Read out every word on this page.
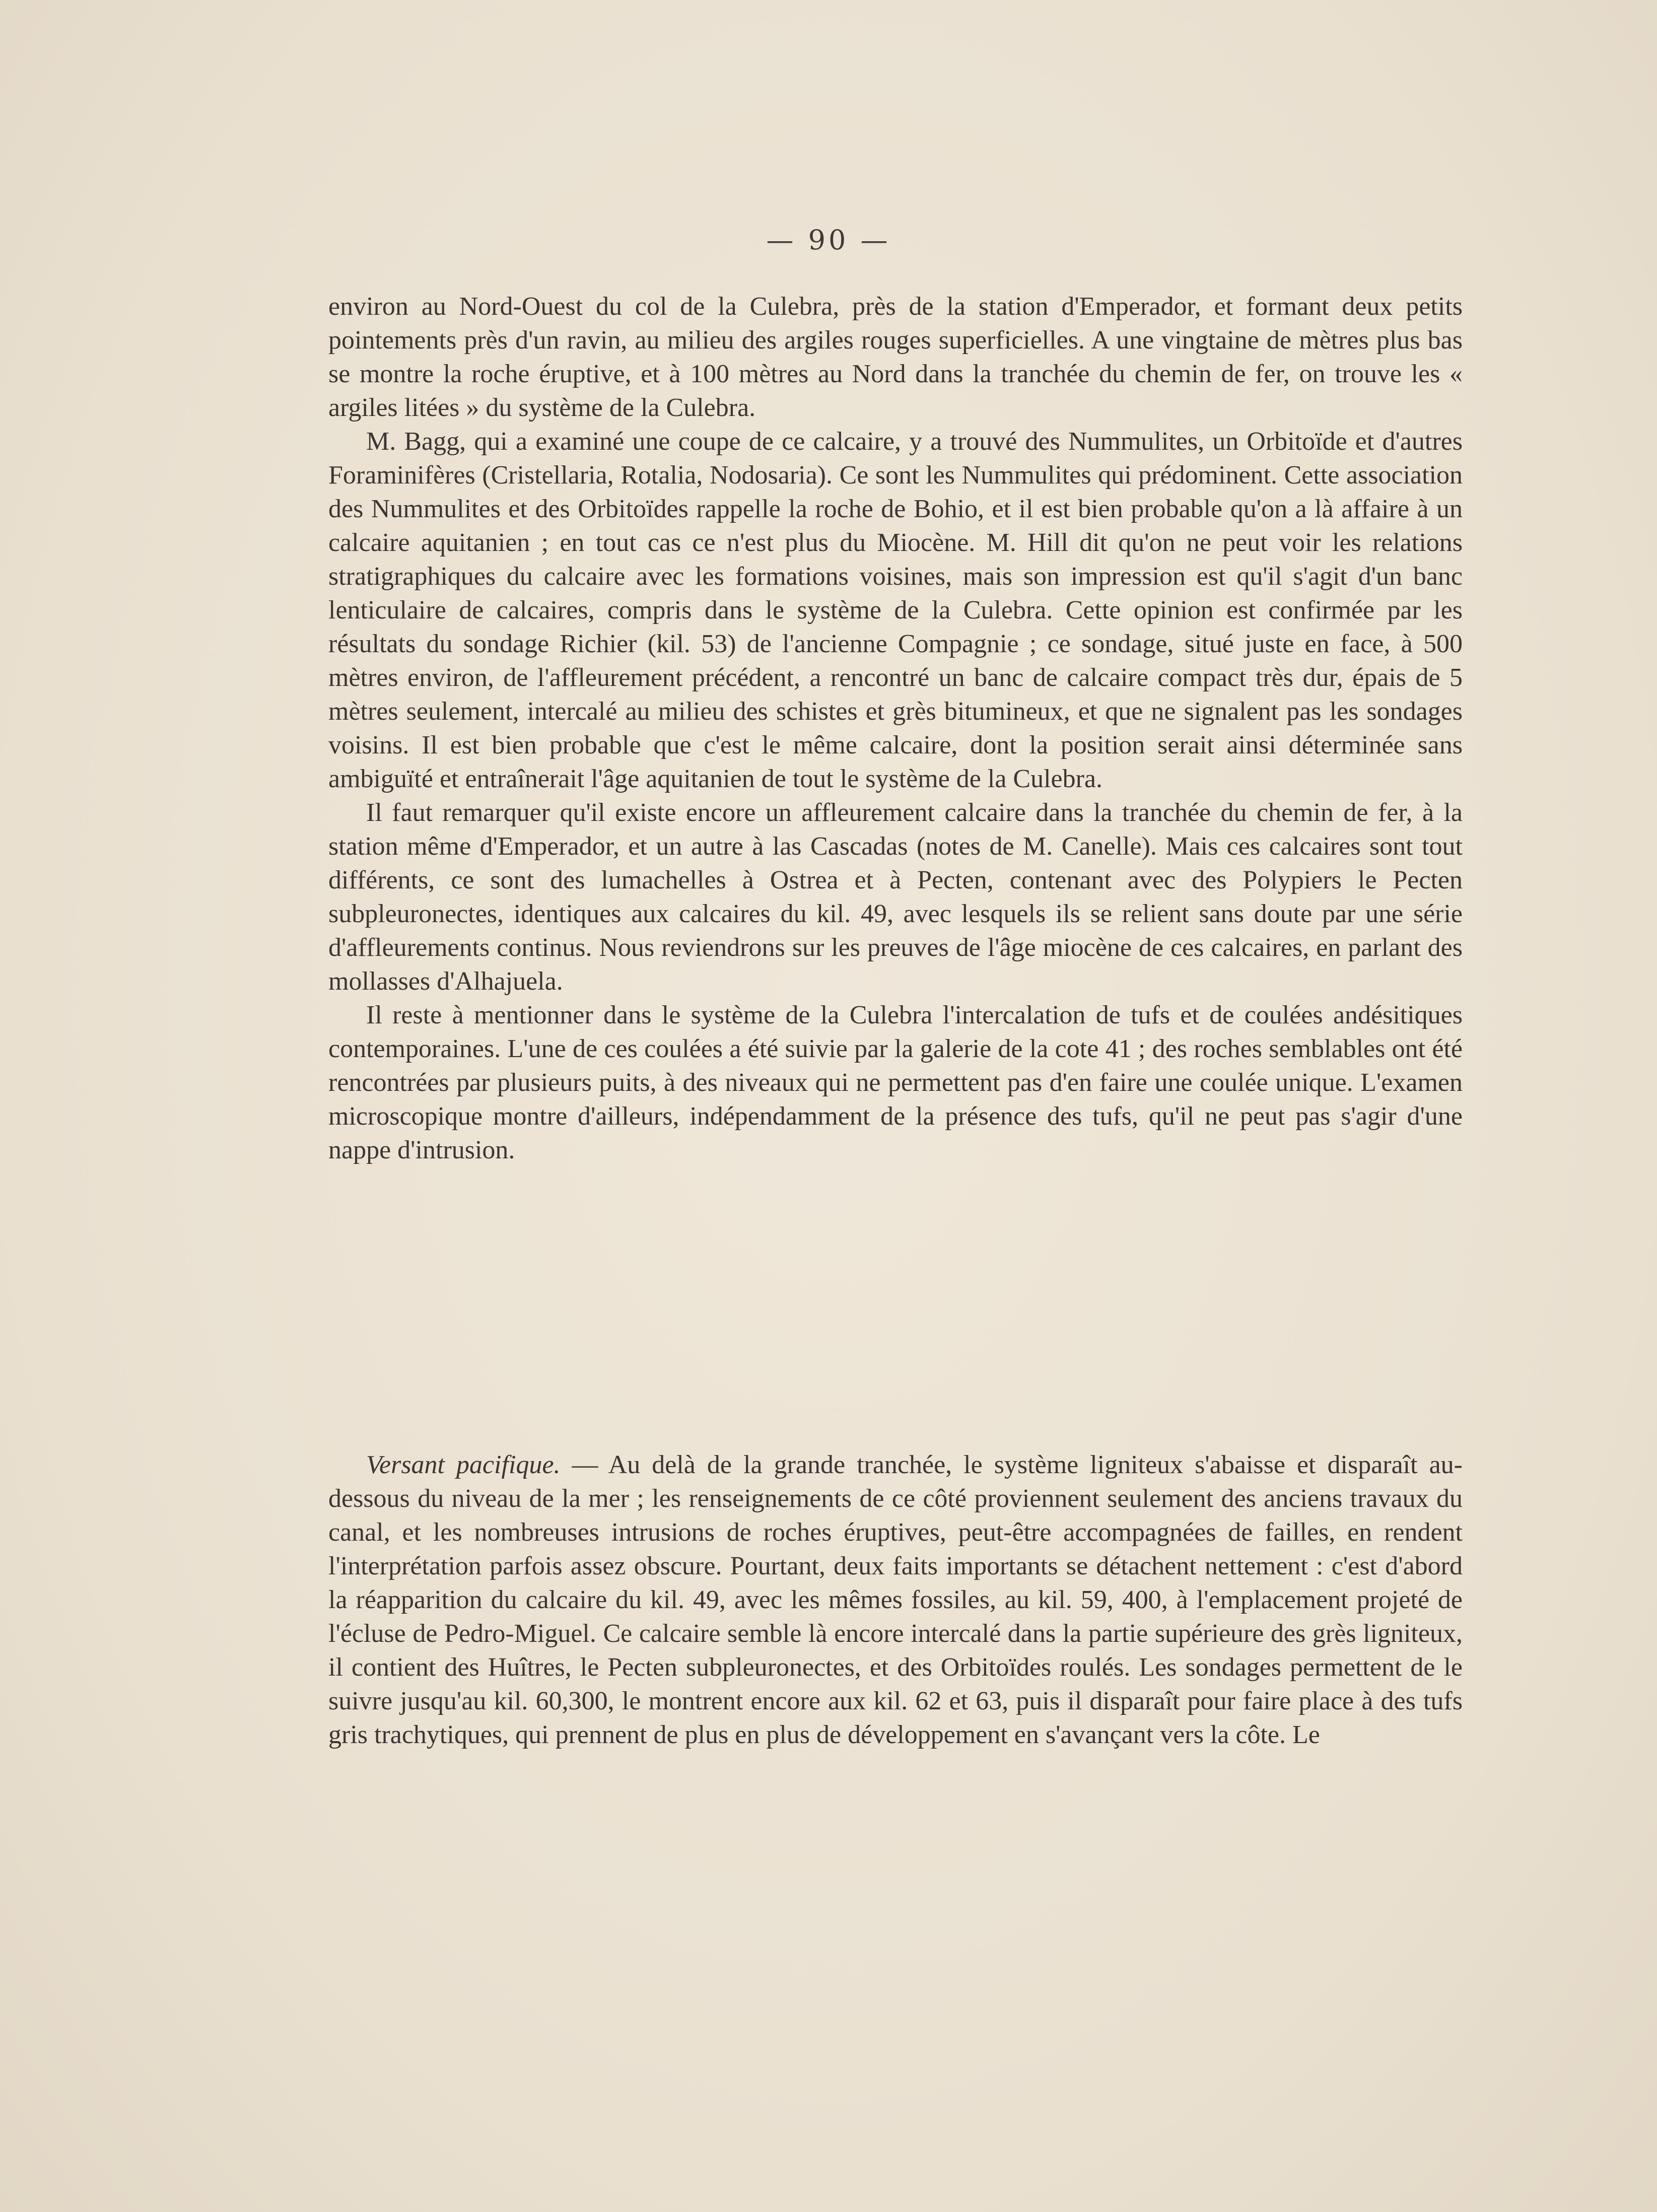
— 90 —

environ au Nord-Ouest du col de la Culebra, près de la station d'Emperador, et formant deux petits pointements près d'un ravin, au milieu des argiles rouges superficielles. A une vingtaine de mètres plus bas se montre la roche éruptive, et à 100 mètres au Nord dans la tranchée du chemin de fer, on trouve les « argiles litées » du système de la Culebra.

M. Bagg, qui a examiné une coupe de ce calcaire, y a trouvé des Nummulites, un Orbitoïde et d'autres Foraminifères (Cristellaria, Rotalia, Nodosaria). Ce sont les Nummulites qui prédominent. Cette association des Nummulites et des Orbitoïdes rappelle la roche de Bohio, et il est bien probable qu'on a là affaire à un calcaire aquitanien ; en tout cas ce n'est plus du Miocène. M. Hill dit qu'on ne peut voir les relations stratigraphiques du calcaire avec les formations voisines, mais son impression est qu'il s'agit d'un banc lenticulaire de calcaires, compris dans le système de la Culebra. Cette opinion est confirmée par les résultats du sondage Richier (kil. 53) de l'ancienne Compagnie ; ce sondage, situé juste en face, à 500 mètres environ, de l'affleurement précédent, a rencontré un banc de calcaire compact très dur, épais de 5 mètres seulement, intercalé au milieu des schistes et grès bitumineux, et que ne signalent pas les sondages voisins. Il est bien probable que c'est le même calcaire, dont la position serait ainsi déterminée sans ambiguïté et entraînerait l'âge aquitanien de tout le système de la Culebra.

Il faut remarquer qu'il existe encore un affleurement calcaire dans la tranchée du chemin de fer, à la station même d'Emperador, et un autre à las Cascadas (notes de M. Canelle). Mais ces calcaires sont tout différents, ce sont des lumachelles à Ostrea et à Pecten, contenant avec des Polypiers le Pecten subpleuronectes, identiques aux calcaires du kil. 49, avec lesquels ils se relient sans doute par une série d'affleurements continus. Nous reviendrons sur les preuves de l'âge miocène de ces calcaires, en parlant des mollasses d'Alhajuela.

Il reste à mentionner dans le système de la Culebra l'intercalation de tufs et de coulées andésitiques contemporaines. L'une de ces coulées a été suivie par la galerie de la cote 41 ; des roches semblables ont été rencontrées par plusieurs puits, à des niveaux qui ne permettent pas d'en faire une coulée unique. L'examen microscopique montre d'ailleurs, indépendamment de la présence des tufs, qu'il ne peut pas s'agir d'une nappe d'intrusion.

Versant pacifique. — Au delà de la grande tranchée, le système ligniteux s'abaisse et disparaît au-dessous du niveau de la mer ; les renseignements de ce côté proviennent seulement des anciens travaux du canal, et les nombreuses intrusions de roches éruptives, peut-être accompagnées de failles, en rendent l'interprétation parfois assez obscure. Pourtant, deux faits importants se détachent nettement : c'est d'abord la réapparition du calcaire du kil. 49, avec les mêmes fossiles, au kil. 59, 400, à l'emplacement projeté de l'écluse de Pedro-Miguel. Ce calcaire semble là encore intercalé dans la partie supérieure des grès ligniteux, il contient des Huîtres, le Pecten subpleuronectes, et des Orbitoïdes roulés. Les sondages permettent de le suivre jusqu'au kil. 60,300, le montrent encore aux kil. 62 et 63, puis il disparaît pour faire place à des tufs gris trachytiques, qui prennent de plus en plus de développement en s'avançant vers la côte. Le
